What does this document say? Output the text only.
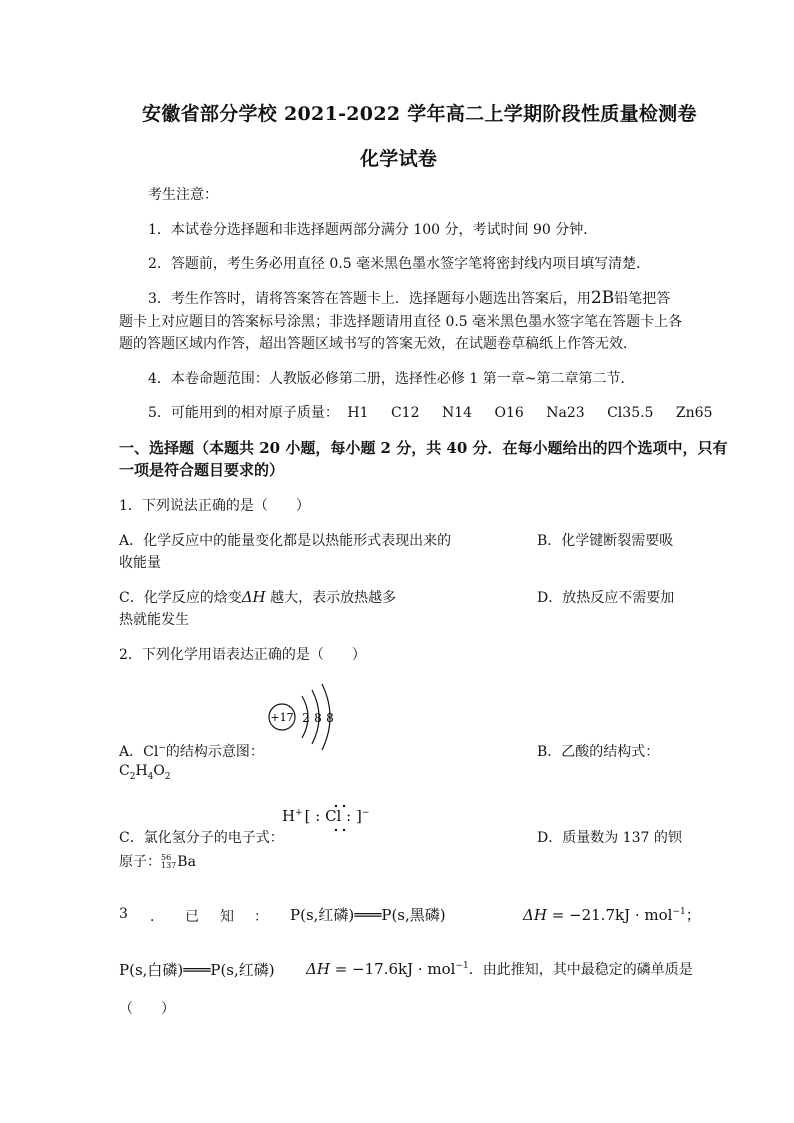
安徽省部分学校 2021-2022 学年高二上学期阶段性质量检测卷
化学试卷
考生注意：
1．本试卷分选择题和非选择题两部分满分 100 分，考试时间 90 分钟．
2．答题前，考生务必用直径 0.5 毫米黑色墨水签字笔将密封线内项目填写清楚．
3．考生作答时，请将答案答在答题卡上．选择题每小题选出答案后，用2B铅笔把答
题卡上对应题目的答案标号涂黑；非选择题请用直径 0.5 毫米黑色墨水签字笔在答题卡上各
题的答题区域内作答，超出答题区域书写的答案无效，在试题卷草稿纸上作答无效．
4．本卷命题范围：人教版必修第二册，选择性必修 1 第一章~第二章第二节．
5．可能用到的相对原子质量： H1 C12 N14 O16 Na23 Cl35.5 Zn65
一、选择题（本题共 20 小题，每小题 2 分，共 40 分．在每小题给出的四个选项中，只有
一项是符合题目要求的）
1．下列说法正确的是（　　）
A．化学反应中的能量变化都是以热能形式表现出来的	B．化学键断裂需要吸
收能量
C．化学反应的焓变ΔH 越大，表示放热越多	D．放热反应不需要加
热就能发生
2．下列化学用语表达正确的是（　　）
+17 2 8 8
A．Cl−的结构示意图：	B．乙酸的结构式：
$C_2H_4O_2$
H+ [ : Cl : ]−
C．氯化氢分子的电子式：	D．质量数为 137 的钡
原子： 56
137 Ba
3 ． 已 知 ： P(s,红磷)═══P(s,黑磷)	ΔH = −21.7kJ · mol$^{-1}$；
P(s,白磷)═══P(s,红磷) ΔH = −17.6kJ · mol$^{-1}$．由此推知，其中最稳定的磷单质是
（　　）
